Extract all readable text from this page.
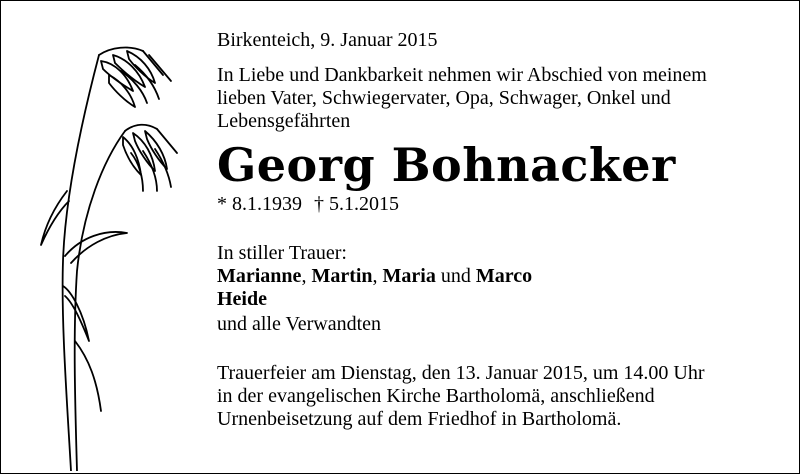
Birkenteich, 9. Januar 2015
In Liebe und Dankbarkeit nehmen wir Abschied von meinem
lieben Vater, Schwiegervater, Opa, Schwager, Onkel und
Lebensgefährten
Georg Bohnacker
* 8.1.1939 † 5.1.2015
In stiller Trauer:
Marianne, Martin, Maria und Marco
Heide
und alle Verwandten
Trauerfeier am Dienstag, den 13. Januar 2015, um 14.00 Uhr
in der evangelischen Kirche Bartholomä, anschließend
Urnenbeisetzung auf dem Friedhof in Bartholomä.
